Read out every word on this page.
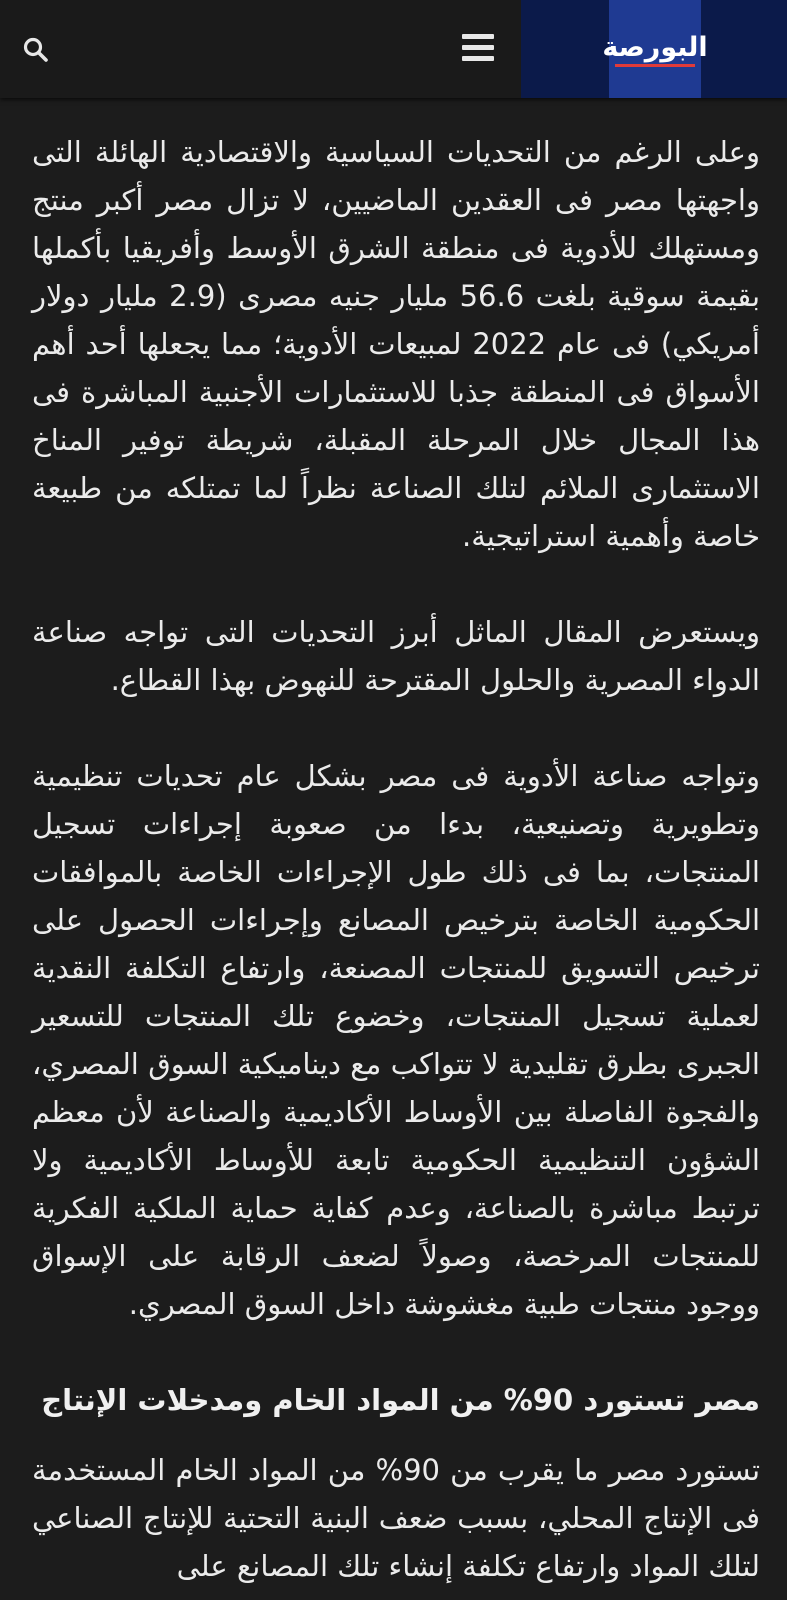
البورصة

وعلى الرغم من التحديات السياسية والاقتصادية الهائلة التى واجهتها مصر فى العقدين الماضيين، لا تزال مصر أكبر منتج ومستهلك للأدوية فى منطقة الشرق الأوسط وأفريقيا بأكملها بقيمة سوقية بلغت 56.6 مليار جنيه مصرى (2.9 مليار دولار أمريكي) فى عام 2022 لمبيعات الأدوية؛ مما يجعلها أحد أهم الأسواق فى المنطقة جذبا للاستثمارات الأجنبية المباشرة فى هذا المجال خلال المرحلة المقبلة، شريطة توفير المناخ الاستثمارى الملائم لتلك الصناعة نظراً لما تمتلكه من طبيعة خاصة وأهمية استراتيجية.

ويستعرض المقال الماثل أبرز التحديات التى تواجه صناعة الدواء المصرية والحلول المقترحة للنهوض بهذا القطاع.

وتواجه صناعة الأدوية فى مصر بشكل عام تحديات تنظيمية وتطويرية وتصنيعية، بدءا من صعوبة إجراءات تسجيل المنتجات، بما فى ذلك طول الإجراءات الخاصة بالموافقات الحكومية الخاصة بترخيص المصانع وإجراءات الحصول على ترخيص التسويق للمنتجات المصنعة، وارتفاع التكلفة النقدية لعملية تسجيل المنتجات، وخضوع تلك المنتجات للتسعير الجبرى بطرق تقليدية لا تتواكب مع ديناميكية السوق المصري، والفجوة الفاصلة بين الأوساط الأكاديمية والصناعة لأن معظم الشؤون التنظيمية الحكومية تابعة للأوساط الأكاديمية ولا ترتبط مباشرة بالصناعة، وعدم كفاية حماية الملكية الفكرية للمنتجات المرخصة، وصولاً لضعف الرقابة على الإسواق ووجود منتجات طبية مغشوشة داخل السوق المصري.

مصر تستورد 90% من المواد الخام ومدخلات الإنتاج

تستورد مصر ما يقرب من 90% من المواد الخام المستخدمة فى الإنتاج المحلي، بسبب ضعف البنية التحتية للإنتاج الصناعي لتلك المواد وارتفاع تكلفة إنشاء تلك المصانع على
